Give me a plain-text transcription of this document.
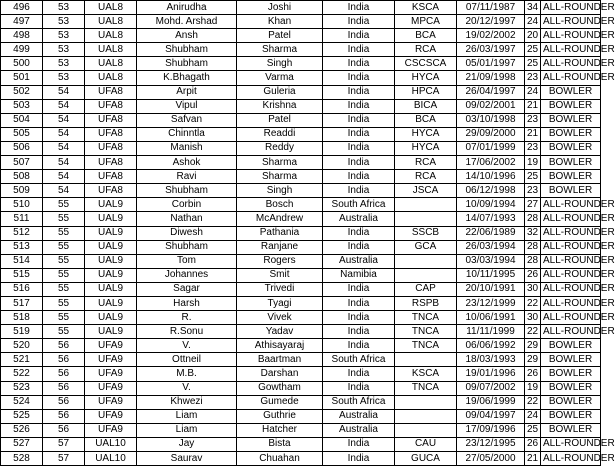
496	53	UAL8	Anirudha	Joshi	India	KSCA	07/11/1987	34	ALL-ROUNDER
497	53	UAL8	Mohd. Arshad	Khan	India	MPCA	20/12/1997	24	ALL-ROUNDER
498	53	UAL8	Ansh	Patel	India	BCA	19/02/2002	20	ALL-ROUNDER
499	53	UAL8	Shubham	Sharma	India	RCA	26/03/1997	25	ALL-ROUNDER
500	53	UAL8	Shubham	Singh	India	CSCSCA	05/01/1997	25	ALL-ROUNDER
501	53	UAL8	K.Bhagath	Varma	India	HYCA	21/09/1998	23	ALL-ROUNDER
502	54	UFA8	Arpit	Guleria	India	HPCA	26/04/1997	24	BOWLER
503	54	UFA8	Vipul	Krishna	India	BICA	09/02/2001	21	BOWLER
504	54	UFA8	Safvan	Patel	India	BCA	03/10/1998	23	BOWLER
505	54	UFA8	Chinntla	Readdi	India	HYCA	29/09/2000	21	BOWLER
506	54	UFA8	Manish	Reddy	India	HYCA	07/01/1999	23	BOWLER
507	54	UFA8	Ashok	Sharma	India	RCA	17/06/2002	19	BOWLER
508	54	UFA8	Ravi	Sharma	India	RCA	14/10/1996	25	BOWLER
509	54	UFA8	Shubham	Singh	India	JSCA	06/12/1998	23	BOWLER
510	55	UAL9	Corbin	Bosch	South Africa		10/09/1994	27	ALL-ROUNDER
511	55	UAL9	Nathan	McAndrew	Australia		14/07/1993	28	ALL-ROUNDER
512	55	UAL9	Diwesh	Pathania	India	SSCB	22/06/1989	32	ALL-ROUNDER
513	55	UAL9	Shubham	Ranjane	India	GCA	26/03/1994	28	ALL-ROUNDER
514	55	UAL9	Tom	Rogers	Australia		03/03/1994	28	ALL-ROUNDER
515	55	UAL9	Johannes	Smit	Namibia		10/11/1995	26	ALL-ROUNDER
516	55	UAL9	Sagar	Trivedi	India	CAP	20/10/1991	30	ALL-ROUNDER
517	55	UAL9	Harsh	Tyagi	India	RSPB	23/12/1999	22	ALL-ROUNDER
518	55	UAL9	R.	Vivek	India	TNCA	10/06/1991	30	ALL-ROUNDER
519	55	UAL9	R.Sonu	Yadav	India	TNCA	11/11/1999	22	ALL-ROUNDER
520	56	UFA9	V.	Athisayaraj	India	TNCA	06/06/1992	29	BOWLER
521	56	UFA9	Ottneil	Baartman	South Africa		18/03/1993	29	BOWLER
522	56	UFA9	M.B.	Darshan	India	KSCA	19/01/1996	26	BOWLER
523	56	UFA9	V.	Gowtham	India	TNCA	09/07/2002	19	BOWLER
524	56	UFA9	Khwezi	Gumede	South Africa		19/06/1999	22	BOWLER
525	56	UFA9	Liam	Guthrie	Australia		09/04/1997	24	BOWLER
526	56	UFA9	Liam	Hatcher	Australia		17/09/1996	25	BOWLER
527	57	UAL10	Jay	Bista	India	CAU	23/12/1995	26	ALL-ROUNDER
528	57	UAL10	Saurav	Chuahan	India	GUCA	27/05/2000	21	ALL-ROUNDER
